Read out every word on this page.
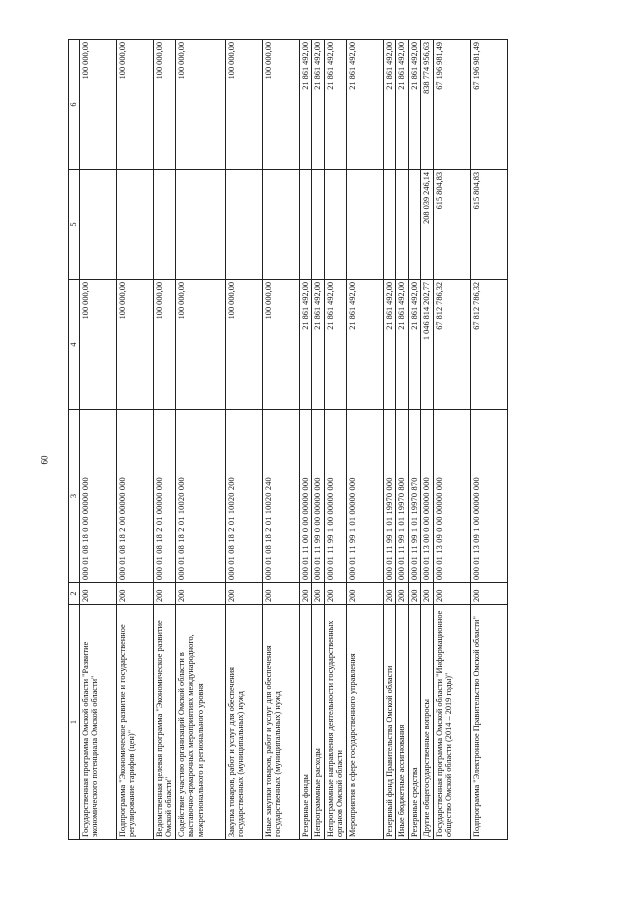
60
1	2	3	4	5	6
Государственная программа Омской области "Развитие экономического потенциала Омской области"	200	000 01 08 18 0 00 00000 000	100 000,00		100 000,00
Подпрограмма "Экономическое развитие и государственное регулирование тарифов (цен)"	200	000 01 08 18 2 00 00000 000	100 000,00		100 000,00
Ведомственная целевая программа "Экономическое развитие Омской области"	200	000 01 08 18 2 01 00000 000	100 000,00		100 000,00
Содействие участию организаций Омской области в выставочно-ярмарочных мероприятиях международного, межрегионального и регионального уровня	200	000 01 08 18 2 01 10020 000	100 000,00		100 000,00
Закупка товаров, работ и услуг для обеспечения государственных (муниципальных) нужд	200	000 01 08 18 2 01 10020 200	100 000,00		100 000,00
Иные закупки товаров, работ и услуг для обеспечения государственных (муниципальных) нужд	200	000 01 08 18 2 01 10020 240	100 000,00		100 000,00
Резервные фонды	200	000 01 11 00 0 00 00000 000	21 861 492,00		21 861 492,00
Непрограммные расходы	200	000 01 11 99 0 00 00000 000	21 861 492,00		21 861 492,00
Непрограммные направления деятельности государственных органов Омской области	200	000 01 11 99 1 00 00000 000	21 861 492,00		21 861 492,00
Мероприятия в сфере государственного управления	200	000 01 11 99 1 01 00000 000	21 861 492,00		21 861 492,00
Резервный фонд Правительства Омской области	200	000 01 11 99 1 01 19970 000	21 861 492,00		21 861 492,00
Иные бюджетные ассигнования	200	000 01 11 99 1 01 19970 800	21 861 492,00		21 861 492,00
Резервные средства	200	000 01 11 99 1 01 19970 870	21 861 492,00		21 861 492,00
Другие общегосударственные вопросы	200	000 01 13 00 0 00 00000 000	1 046 814 202,77	208 039 246,14	838 774 956,63
Государственная программа Омской области "Информационное общество Омской области (2014 – 2019 годы)"	200	000 01 13 09 0 00 00000 000	67 812 786,32	615 804,83	67 196 981,49
Подпрограмма "Электронное Правительство Омской области"	200	000 01 13 09 1 00 00000 000	67 812 786,32	615 804,83	67 196 981,49
